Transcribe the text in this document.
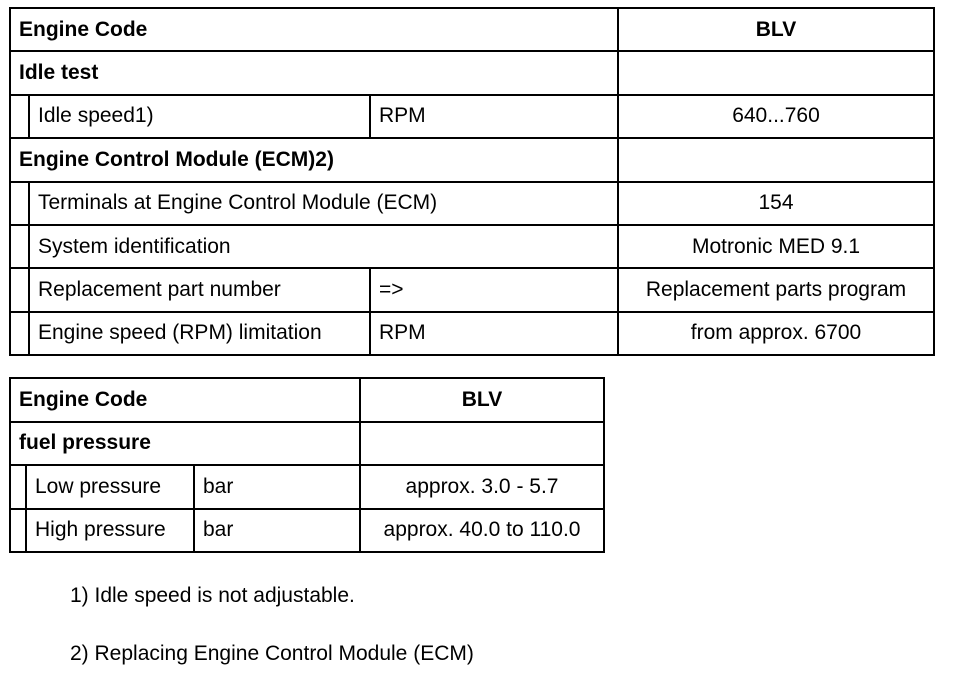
Engine Code			BLV
Idle test			
	Idle speed1)	RPM	640...760
Engine Control Module (ECM)2)			
	Terminals at Engine Control Module (ECM)		154
	System identification		Motronic MED 9.1
	Replacement part number	=>	Replacement parts program
	Engine speed (RPM) limitation	RPM	from approx. 6700
Engine Code			BLV
fuel pressure			
	Low pressure	bar	approx. 3.0 - 5.7
	High pressure	bar	approx. 40.0 to 110.0

1) Idle speed is not adjustable.

2) Replacing Engine Control Module (ECM)
